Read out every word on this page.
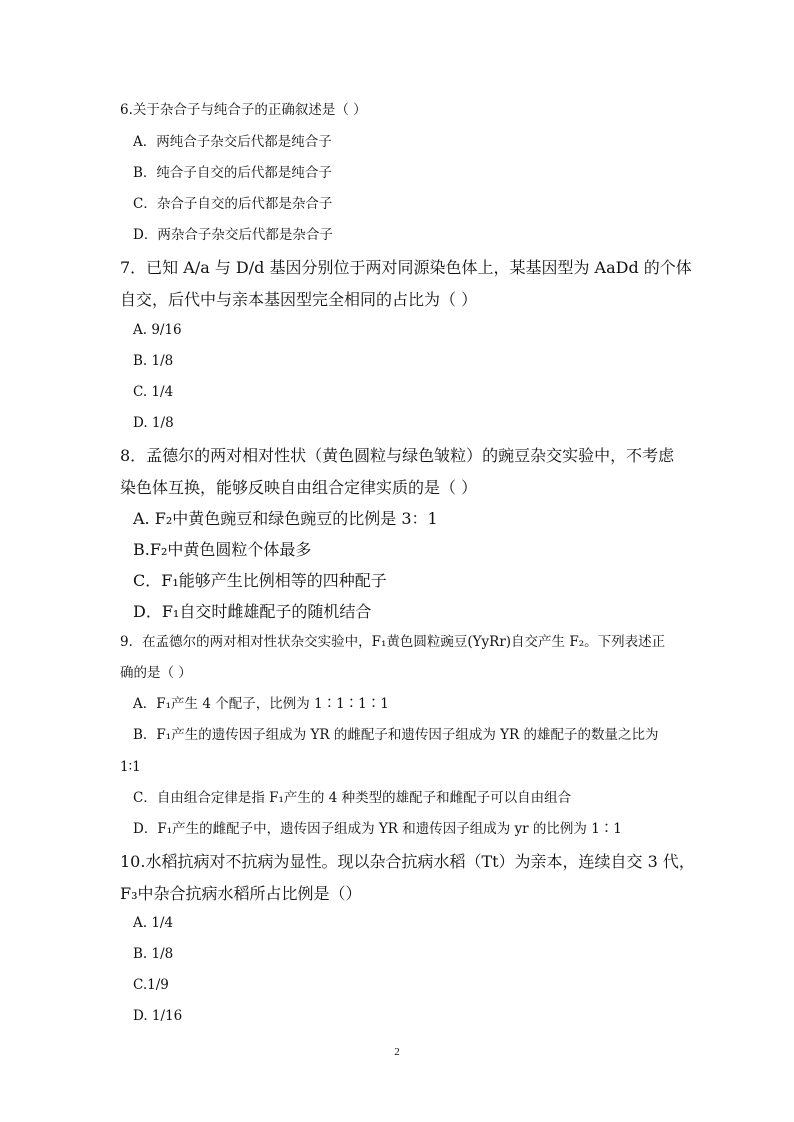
6.关于杂合子与纯合子的正确叙述是（ ）
A．两纯合子杂交后代都是纯合子
B．纯合子自交的后代都是纯合子
C．杂合子自交的后代都是杂合子
D．两杂合子杂交后代都是杂合子
7．已知 A/a 与 D/d 基因分别位于两对同源染色体上，某基因型为 AaDd 的个体
自交，后代中与亲本基因型完全相同的占比为（ ）
A. 9/16
B. 1/8
C. 1/4
D. 1/8
8．孟德尔的两对相对性状（黄色圆粒与绿色皱粒）的豌豆杂交实验中，不考虑
染色体互换，能够反映自由组合定律实质的是（ ）
A. F₂中黄色豌豆和绿色豌豆的比例是 3：1
B.F₂中黄色圆粒个体最多
C．F₁能够产生比例相等的四种配子
D．F₁自交时雌雄配子的随机结合
9．在孟德尔的两对相对性状杂交实验中，F₁黄色圆粒豌豆(YyRr)自交产生 F₂。下列表述正
确的是（ ）
A．F₁产生 4 个配子，比例为 1∶1∶1∶1
B．F₁产生的遗传因子组成为 YR 的雌配子和遗传因子组成为 YR 的雄配子的数量之比为
1∶1
C．自由组合定律是指 F₁产生的 4 种类型的雄配子和雌配子可以自由组合
D．F₁产生的雌配子中，遗传因子组成为 YR 和遗传因子组成为 yr 的比例为 1∶1
10.水稻抗病对不抗病为显性。现以杂合抗病水稻（Tt）为亲本，连续自交 3 代，
F₃中杂合抗病水稻所占比例是（）
A. 1/4
B. 1/8
C.1/9
D. 1/16
2
